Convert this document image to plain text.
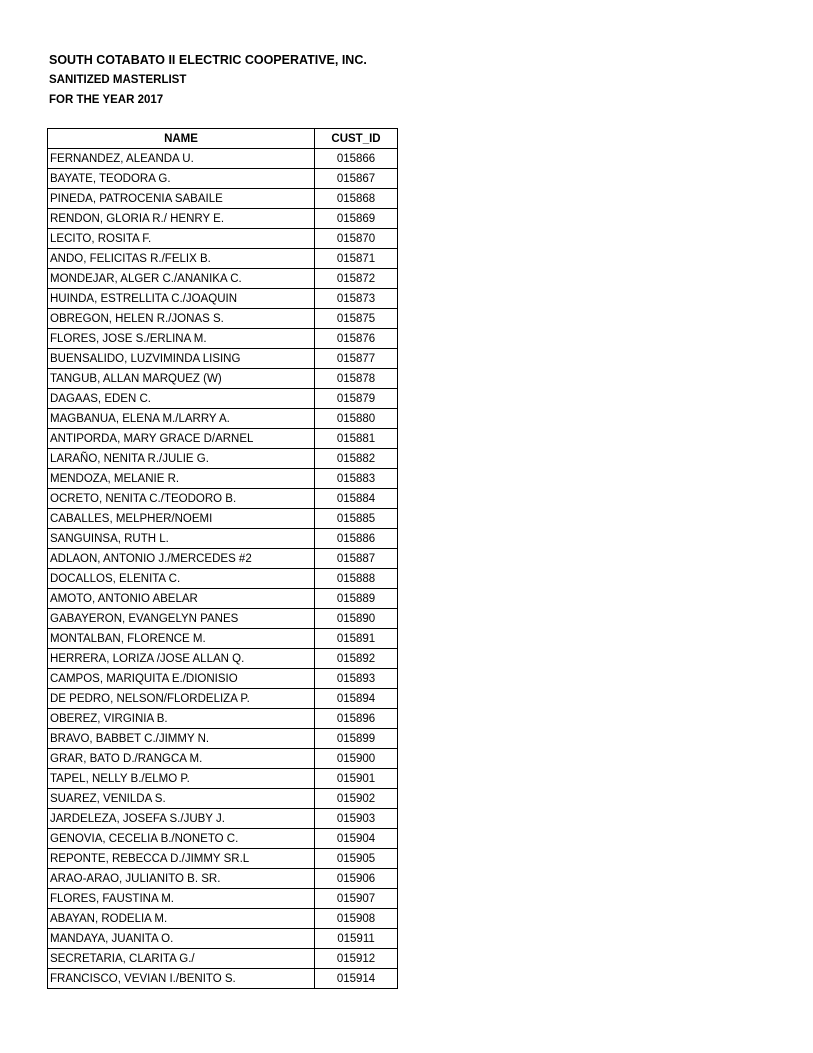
SOUTH COTABATO II ELECTRIC COOPERATIVE, INC.
SANITIZED MASTERLIST
FOR THE YEAR 2017
NAME	CUST_ID
FERNANDEZ, ALEANDA U.	015866
BAYATE, TEODORA G.	015867
PINEDA, PATROCENIA SABAILE	015868
RENDON, GLORIA R./ HENRY E.	015869
LECITO, ROSITA F.	015870
ANDO, FELICITAS R./FELIX B.	015871
MONDEJAR, ALGER C./ANANIKA C.	015872
HUINDA, ESTRELLITA C./JOAQUIN	015873
OBREGON, HELEN R./JONAS S.	015875
FLORES, JOSE S./ERLINA M.	015876
BUENSALIDO, LUZVIMINDA LISING	015877
TANGUB, ALLAN MARQUEZ (W)	015878
DAGAAS, EDEN C.	015879
MAGBANUA, ELENA M./LARRY A.	015880
ANTIPORDA, MARY GRACE D/ARNEL	015881
LARAÑO, NENITA R./JULIE G.	015882
MENDOZA, MELANIE R.	015883
OCRETO, NENITA C./TEODORO B.	015884
CABALLES, MELPHER/NOEMI	015885
SANGUINSA, RUTH L.	015886
ADLAON, ANTONIO J./MERCEDES #2	015887
DOCALLOS, ELENITA C.	015888
AMOTO, ANTONIO ABELAR	015889
GABAYERON, EVANGELYN PANES	015890
MONTALBAN, FLORENCE M.	015891
HERRERA, LORIZA /JOSE ALLAN Q.	015892
CAMPOS, MARIQUITA E./DIONISIO	015893
DE PEDRO, NELSON/FLORDELIZA P.	015894
OBEREZ, VIRGINIA B.	015896
BRAVO, BABBET C./JIMMY N.	015899
GRAR, BATO D./RANGCA M.	015900
TAPEL, NELLY B./ELMO P.	015901
SUAREZ, VENILDA S.	015902
JARDELEZA, JOSEFA S./JUBY J.	015903
GENOVIA, CECELIA B./NONETO C.	015904
REPONTE, REBECCA D./JIMMY SR.L	015905
ARAO-ARAO, JULIANITO B. SR.	015906
FLORES, FAUSTINA M.	015907
ABAYAN, RODELIA M.	015908
MANDAYA, JUANITA O.	015911
SECRETARIA, CLARITA G./	015912
FRANCISCO, VEVIAN I./BENITO S.	015914
